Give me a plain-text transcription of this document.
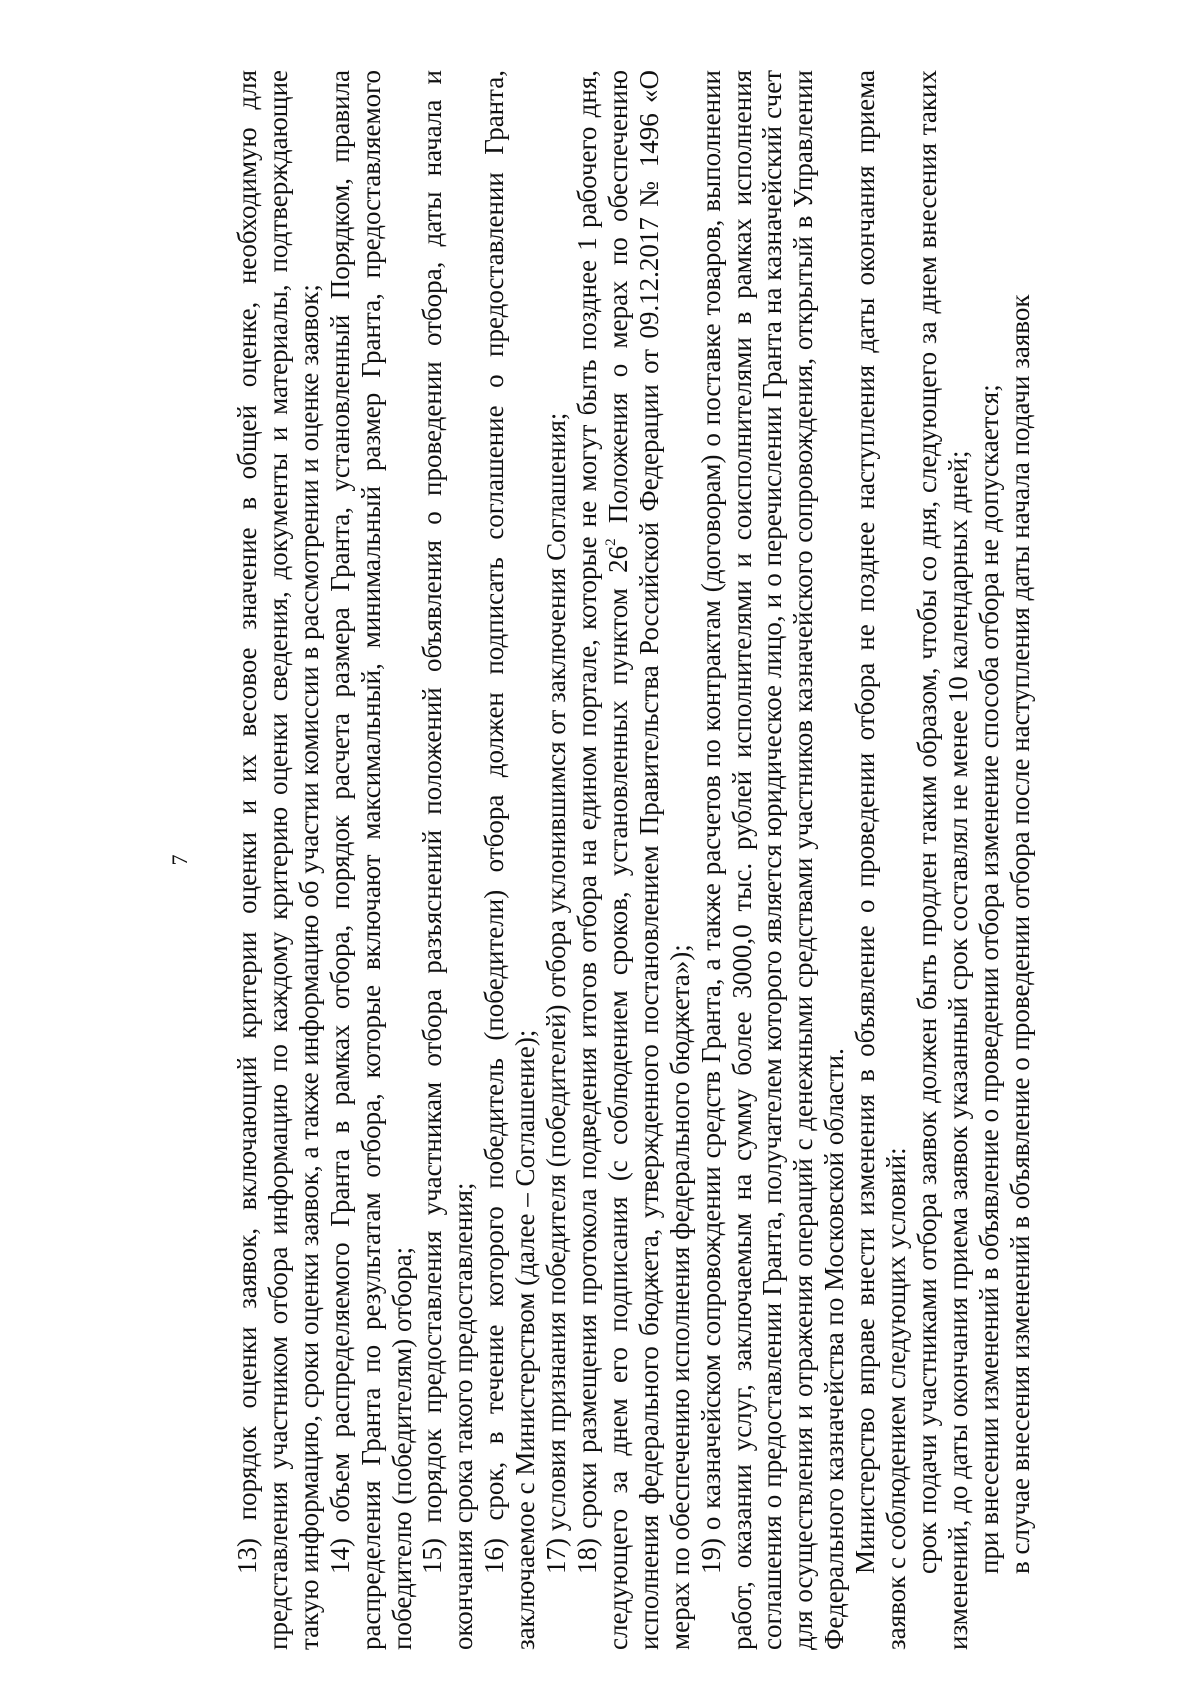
7 13) порядок оценки заявок, включающий критерии оценки и их весовое значение в общей оценке, необходимую для представления участником отбора информацию по каждому критерию оценки сведения, документы и материалы, подтверждающие такую информацию, сроки оценки заявок, а также информацию об участии комиссии в рассмотрении и оценке заявок; 14) объем распределяемого Гранта в рамках отбора, порядок расчета размера Гранта, установленный Порядком, правила распределения Гранта по результатам отбора, которые включают максимальный, минимальный размер Гранта, предоставляемого победителю (победителям) отбора; 15) порядок предоставления участникам отбора разъяснений положений объявления о проведении отбора, даты начала и окончания срока такого предоставления; 16) срок, в течение которого победитель (победители) отбора должен подписать соглашение о предоставлении Гранта, заключаемое с Министерством (далее – Соглашение); 17) условия признания победителя (победителей) отбора уклонившимся от заключения Соглашения; 18) сроки размещения протокола подведения итогов отбора на едином портале, которые не могут быть позднее 1 рабочего дня, следующего за днем его подписания (с соблюдением сроков, установленных пунктом $26^2$ Положения о мерах по обеспечению исполнения федерального бюджета, утвержденного постановлением Правительства Российской Федерации от 09.12.2017 № 1496 «О мерах по обеспечению исполнения федерального бюджета»); 19) о казначейском сопровождении средств Гранта, а также расчетов по контрактам (договорам) о поставке товаров, выполнении работ, оказании услуг, заключаемым на сумму более 3000,0 тыс. рублей исполнителями и соисполнителями в рамках исполнения соглашения о предоставлении Гранта, получателем которого является юридическое лицо, и о перечислении Гранта на казначейский счет для осуществления и отражения операций с денежными средствами участников казначейского сопровождения, открытый в Управлении Федерального казначейства по Московской области. Министерство вправе внести изменения в объявление о проведении отбора не позднее наступления даты окончания приема заявок с соблюдением следующих условий: срок подачи участниками отбора заявок должен быть продлен таким образом, чтобы со дня, следующего за днем внесения таких изменений, до даты окончания приема заявок указанный срок составлял не менее 10 календарных дней; при внесении изменений в объявление о проведении отбора изменение способа отбора не допускается; в случае внесения изменений в объявление о проведении отбора после наступления даты начала подачи заявок
